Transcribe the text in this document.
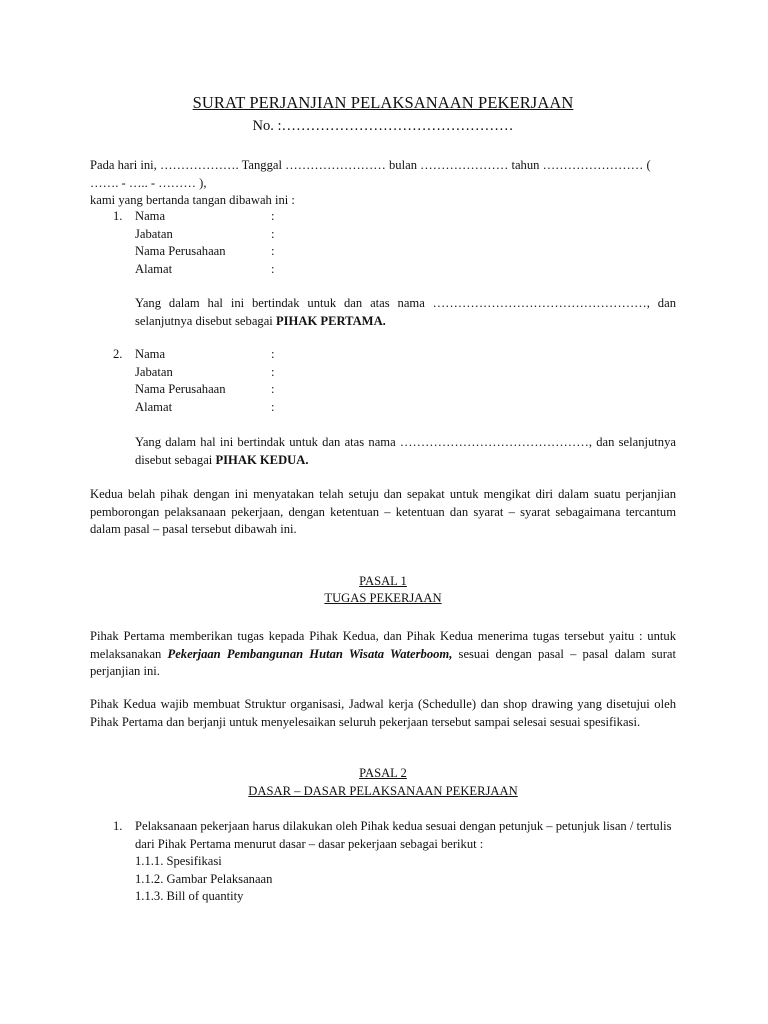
SURAT PERJANJIAN PELAKSANAAN PEKERJAAN
No. :…………………………………………
Pada hari ini, ………………. Tanggal …………………… bulan ………………… tahun …………………… ( ……. - ….. - ……… ),
kami yang bertanda tangan dibawah ini :
1. Nama	:
Jabatan	:
Nama Perusahaan	:
Alamat	:
Yang dalam hal ini bertindak untuk dan atas nama ……………………………………………, dan selanjutnya disebut sebagai PIHAK PERTAMA.
2. Nama	:
Jabatan	:
Nama Perusahaan	:
Alamat	:
Yang dalam hal ini bertindak untuk dan atas nama ………………………………………, dan selanjutnya disebut sebagai PIHAK KEDUA.
Kedua belah pihak dengan ini menyatakan telah setuju dan sepakat untuk mengikat diri dalam suatu perjanjian pemborongan pelaksanaan pekerjaan, dengan ketentuan – ketentuan dan syarat – syarat sebagaimana tercantum dalam pasal – pasal tersebut dibawah ini.
PASAL 1
TUGAS PEKERJAAN
Pihak Pertama memberikan tugas kepada Pihak Kedua, dan Pihak Kedua menerima tugas tersebut yaitu : untuk melaksanakan Pekerjaan Pembangunan Hutan Wisata Waterboom, sesuai dengan pasal – pasal dalam surat perjanjian ini.
Pihak Kedua wajib membuat Struktur organisasi, Jadwal kerja (Schedulle) dan shop drawing yang disetujui oleh Pihak Pertama dan berjanji untuk menyelesaikan seluruh pekerjaan tersebut sampai selesai sesuai spesifikasi.
PASAL 2
DASAR – DASAR PELAKSANAAN PEKERJAAN
1. Pelaksanaan pekerjaan harus dilakukan oleh Pihak kedua sesuai dengan petunjuk – petunjuk lisan / tertulis dari Pihak Pertama menurut dasar – dasar pekerjaan sebagai berikut :
1.1.1. Spesifikasi
1.1.2. Gambar Pelaksanaan
1.1.3. Bill of quantity
